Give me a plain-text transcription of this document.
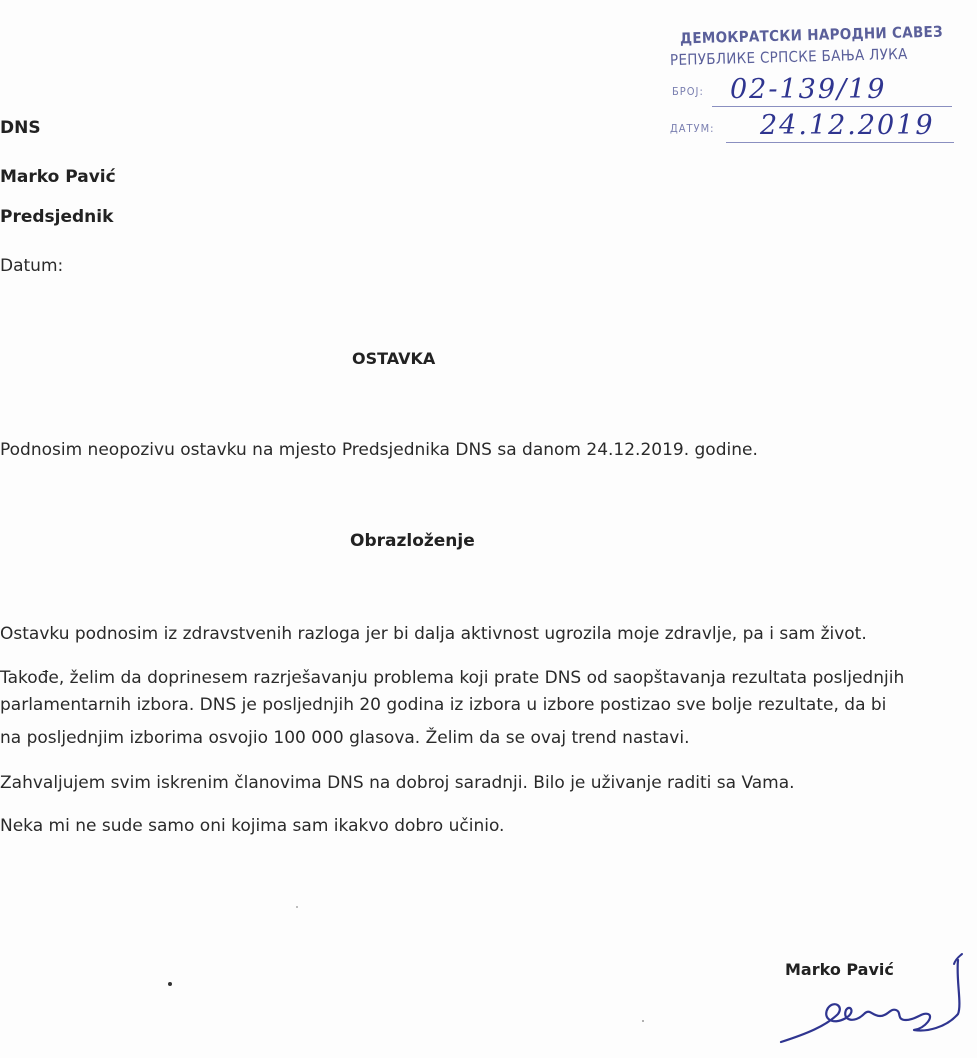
ДЕМОКРАТСКИ НАРОДНИ САВЕЗ
РЕПУБЛИКЕ СРПСКЕ БАЊА ЛУКА
БРОЈ: 02-139/19
ДАТУМ: 24.12.2019
DNS
Marko Pavić
Predsjednik
Datum:
OSTAVKA
Podnosim neopozivu ostavku na mjesto Predsjednika DNS sa danom 24.12.2019. godine.
Obrazloženje
Ostavku podnosim iz zdravstvenih razloga jer bi dalja aktivnost ugrozila moje zdravlje, pa i sam život.
Takođe, želim da doprinesem razrješavanju problema koji prate DNS od saopštavanja rezultata posljednjih
parlamentarnih izbora. DNS je posljednjih 20 godina iz izbora u izbore postizao sve bolje rezultate, da bi
na posljednjim izborima osvojio 100 000 glasova. Želim da se ovaj trend nastavi.
Zahvaljujem svim iskrenim članovima DNS na dobroj saradnji. Bilo je uživanje raditi sa Vama.
Neka mi ne sude samo oni kojima sam ikakvo dobro učinio.
Marko Pavić
